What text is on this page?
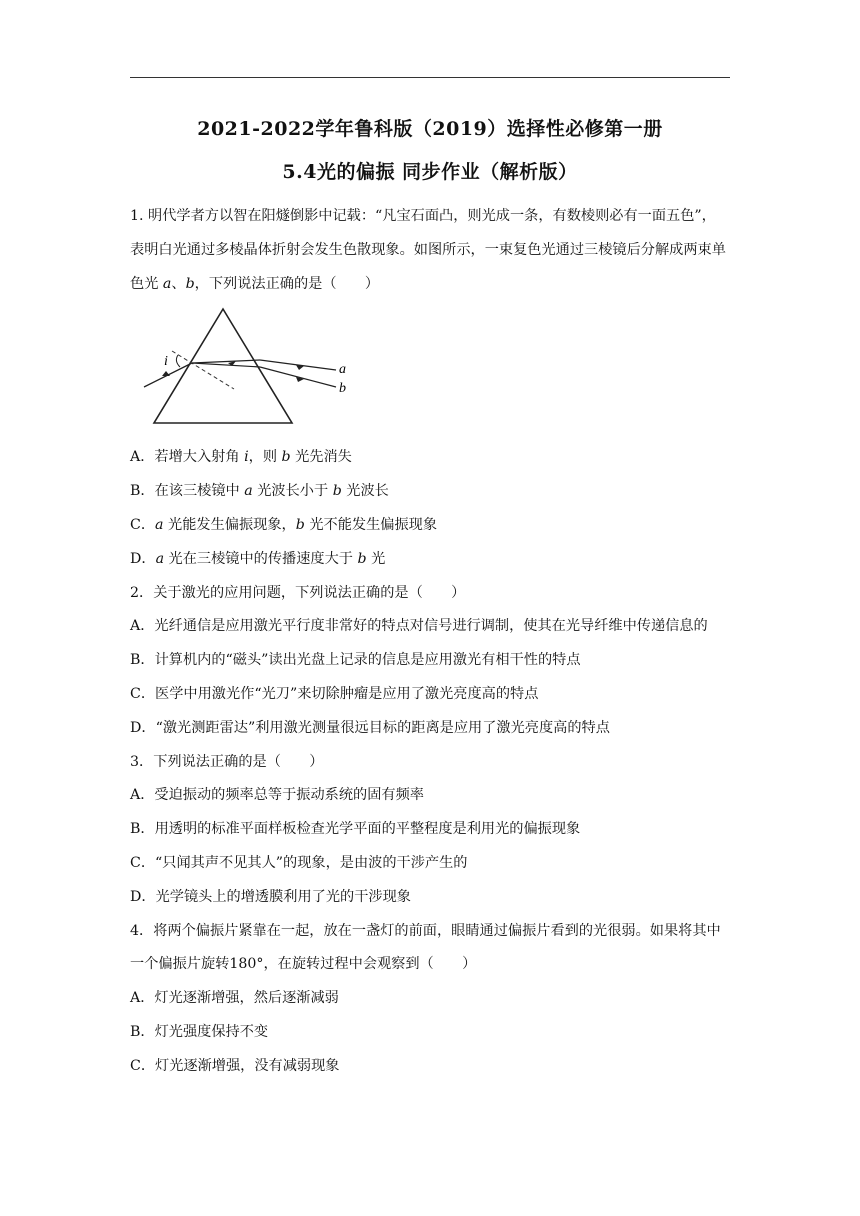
2021-2022学年鲁科版（2019）选择性必修第一册
5.4光的偏振 同步作业（解析版）

1. 明代学者方以智在阳燧倒影中记载：“凡宝石面凸，则光成一条，有数棱则必有一面五色”，表明白光通过多棱晶体折射会发生色散现象。如图所示，一束复色光通过三棱镜后分解成两束单色光 a、b，下列说法正确的是（　　）

i
a
b

A．若增大入射角 i，则 b 光先消失

B．在该三棱镜中 a 光波长小于 b 光波长

C．a 光能发生偏振现象，b 光不能发生偏振现象

D．a 光在三棱镜中的传播速度大于 b 光

2．关于激光的应用问题，下列说法正确的是（　　）

A．光纤通信是应用激光平行度非常好的特点对信号进行调制，使其在光导纤维中传递信息的

B．计算机内的“磁头”读出光盘上记录的信息是应用激光有相干性的特点

C．医学中用激光作“光刀”来切除肿瘤是应用了激光亮度高的特点

D．“激光测距雷达”利用激光测量很远目标的距离是应用了激光亮度高的特点

3．下列说法正确的是（　　）

A．受迫振动的频率总等于振动系统的固有频率

B．用透明的标准平面样板检查光学平面的平整程度是利用光的偏振现象

C．“只闻其声不见其人”的现象，是由波的干涉产生的

D．光学镜头上的增透膜利用了光的干涉现象

4．将两个偏振片紧靠在一起，放在一盏灯的前面，眼睛通过偏振片看到的光很弱。如果将其中一个偏振片旋转180°，在旋转过程中会观察到（　　）

A．灯光逐渐增强，然后逐渐减弱

B．灯光强度保持不变

C．灯光逐渐增强，没有减弱现象
